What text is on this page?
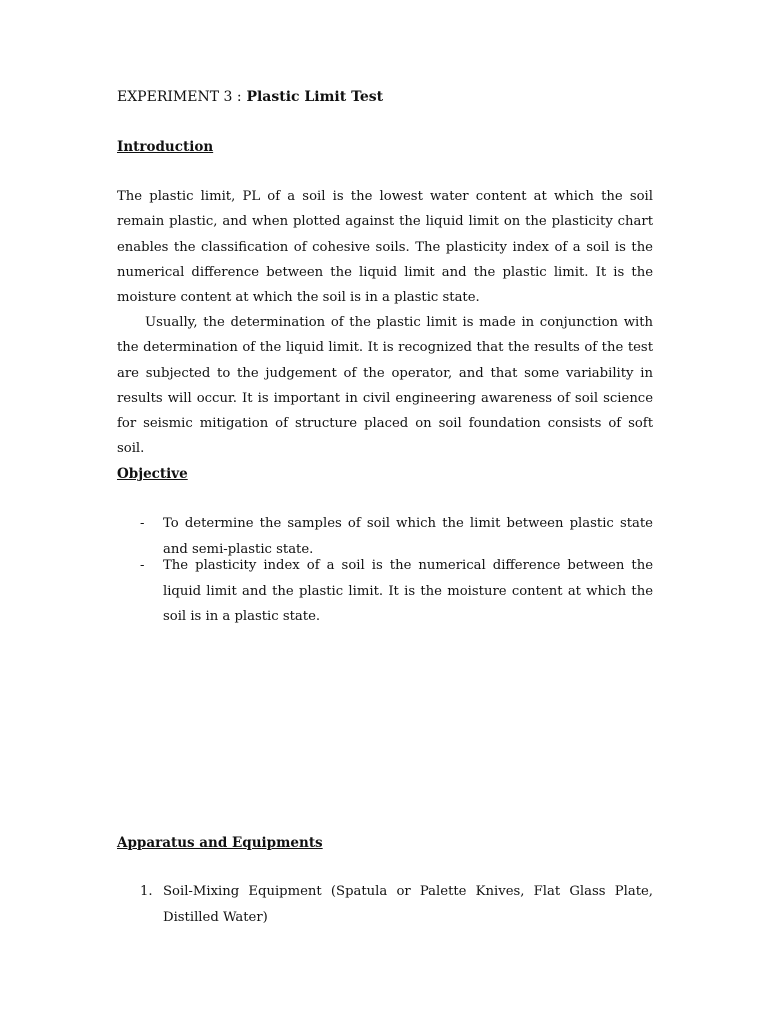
EXPERIMENT 3 : Plastic Limit Test
Introduction

The plastic limit, PL of a soil is the lowest water content at which the soil remain plastic, and when plotted against the liquid limit on the plasticity chart enables the classification of cohesive soils. The plasticity index of a soil is the numerical difference between the liquid limit and the plastic limit. It is the moisture content at which the soil is in a plastic state.

Usually, the determination of the plastic limit is made in conjunction with the determination of the liquid limit. It is recognized that the results of the test are subjected to the judgement of the operator, and that some variability in results will occur. It is important in civil engineering awareness of soil science for seismic mitigation of structure placed on soil foundation consists of soft soil.

Objective
-	To determine the samples of soil which the limit between plastic state and semi-plastic state.
-	The plasticity index of a soil is the numerical difference between the liquid limit and the plastic limit. It is the moisture content at which the soil is in a plastic state.
Apparatus and Equipments
1. Soil-Mixing Equipment (Spatula or Palette Knives, Flat Glass Plate, Distilled Water)
